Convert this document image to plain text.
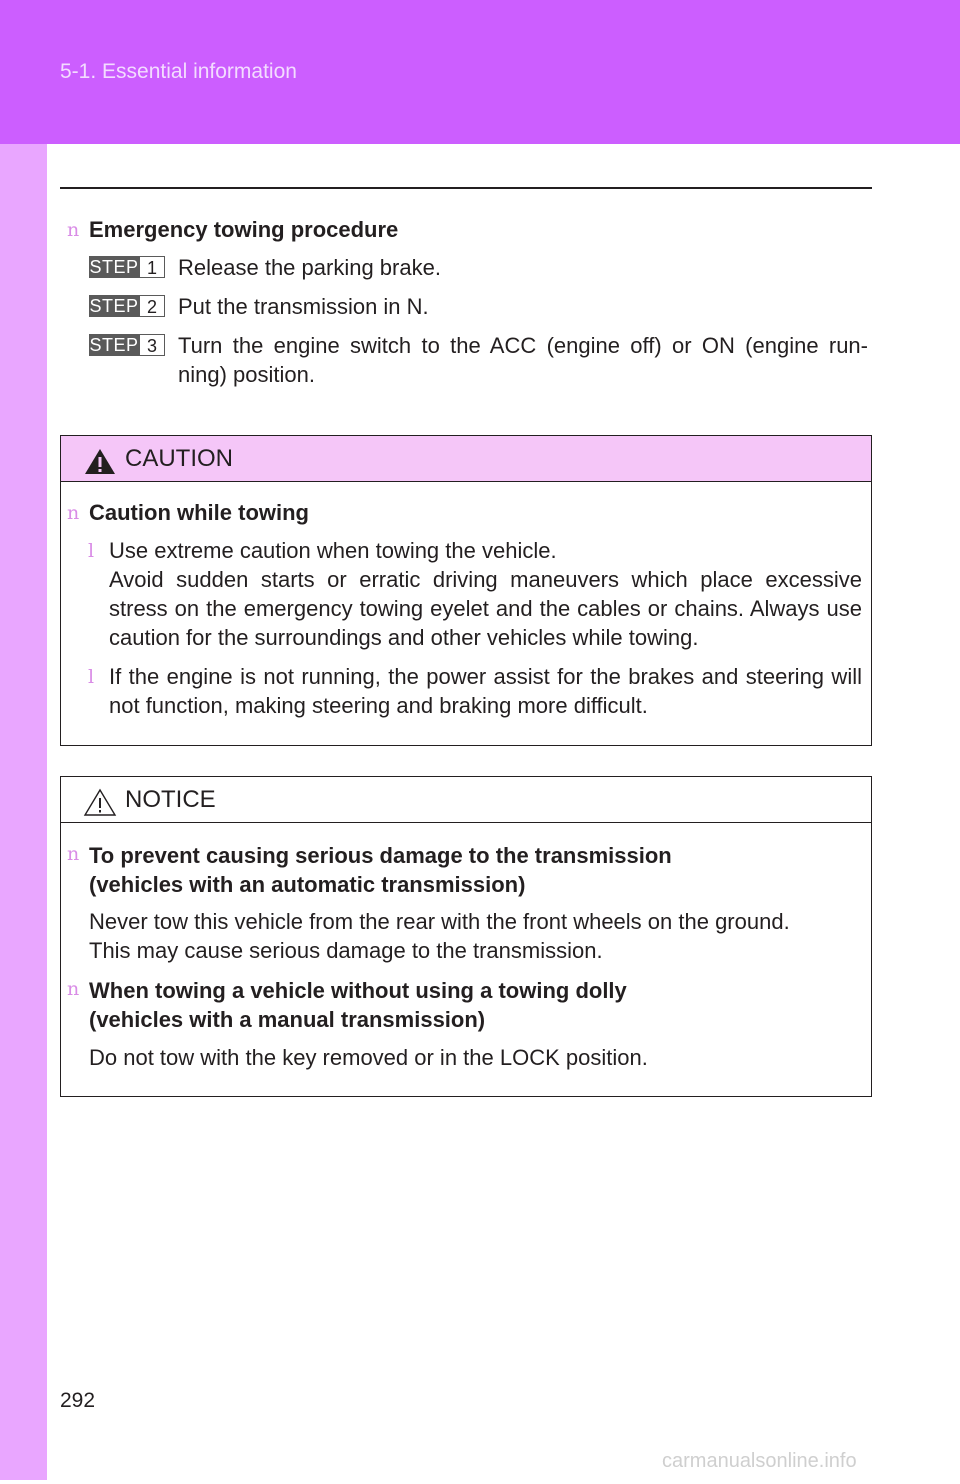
5-1. Essential information
n Emergency towing procedure
STEP 1 Release the parking brake.
STEP 2 Put the transmission in N.
STEP 3 Turn the engine switch to the ACC (engine off) or ON (engine run-
ning) position.
CAUTION
n Caution while towing
l Use extreme caution when towing the vehicle.
Avoid sudden starts or erratic driving maneuvers which place excessive stress on the emergency towing eyelet and the cables or chains. Always use caution for the surroundings and other vehicles while towing.
l If the engine is not running, the power assist for the brakes and steering will not function, making steering and braking more difficult.
NOTICE
n To prevent causing serious damage to the transmission
(vehicles with an automatic transmission)
Never tow this vehicle from the rear with the front wheels on the ground.
This may cause serious damage to the transmission.
n When towing a vehicle without using a towing dolly
(vehicles with a manual transmission)
Do not tow with the key removed or in the LOCK position.
292
carmanualsonline.info
